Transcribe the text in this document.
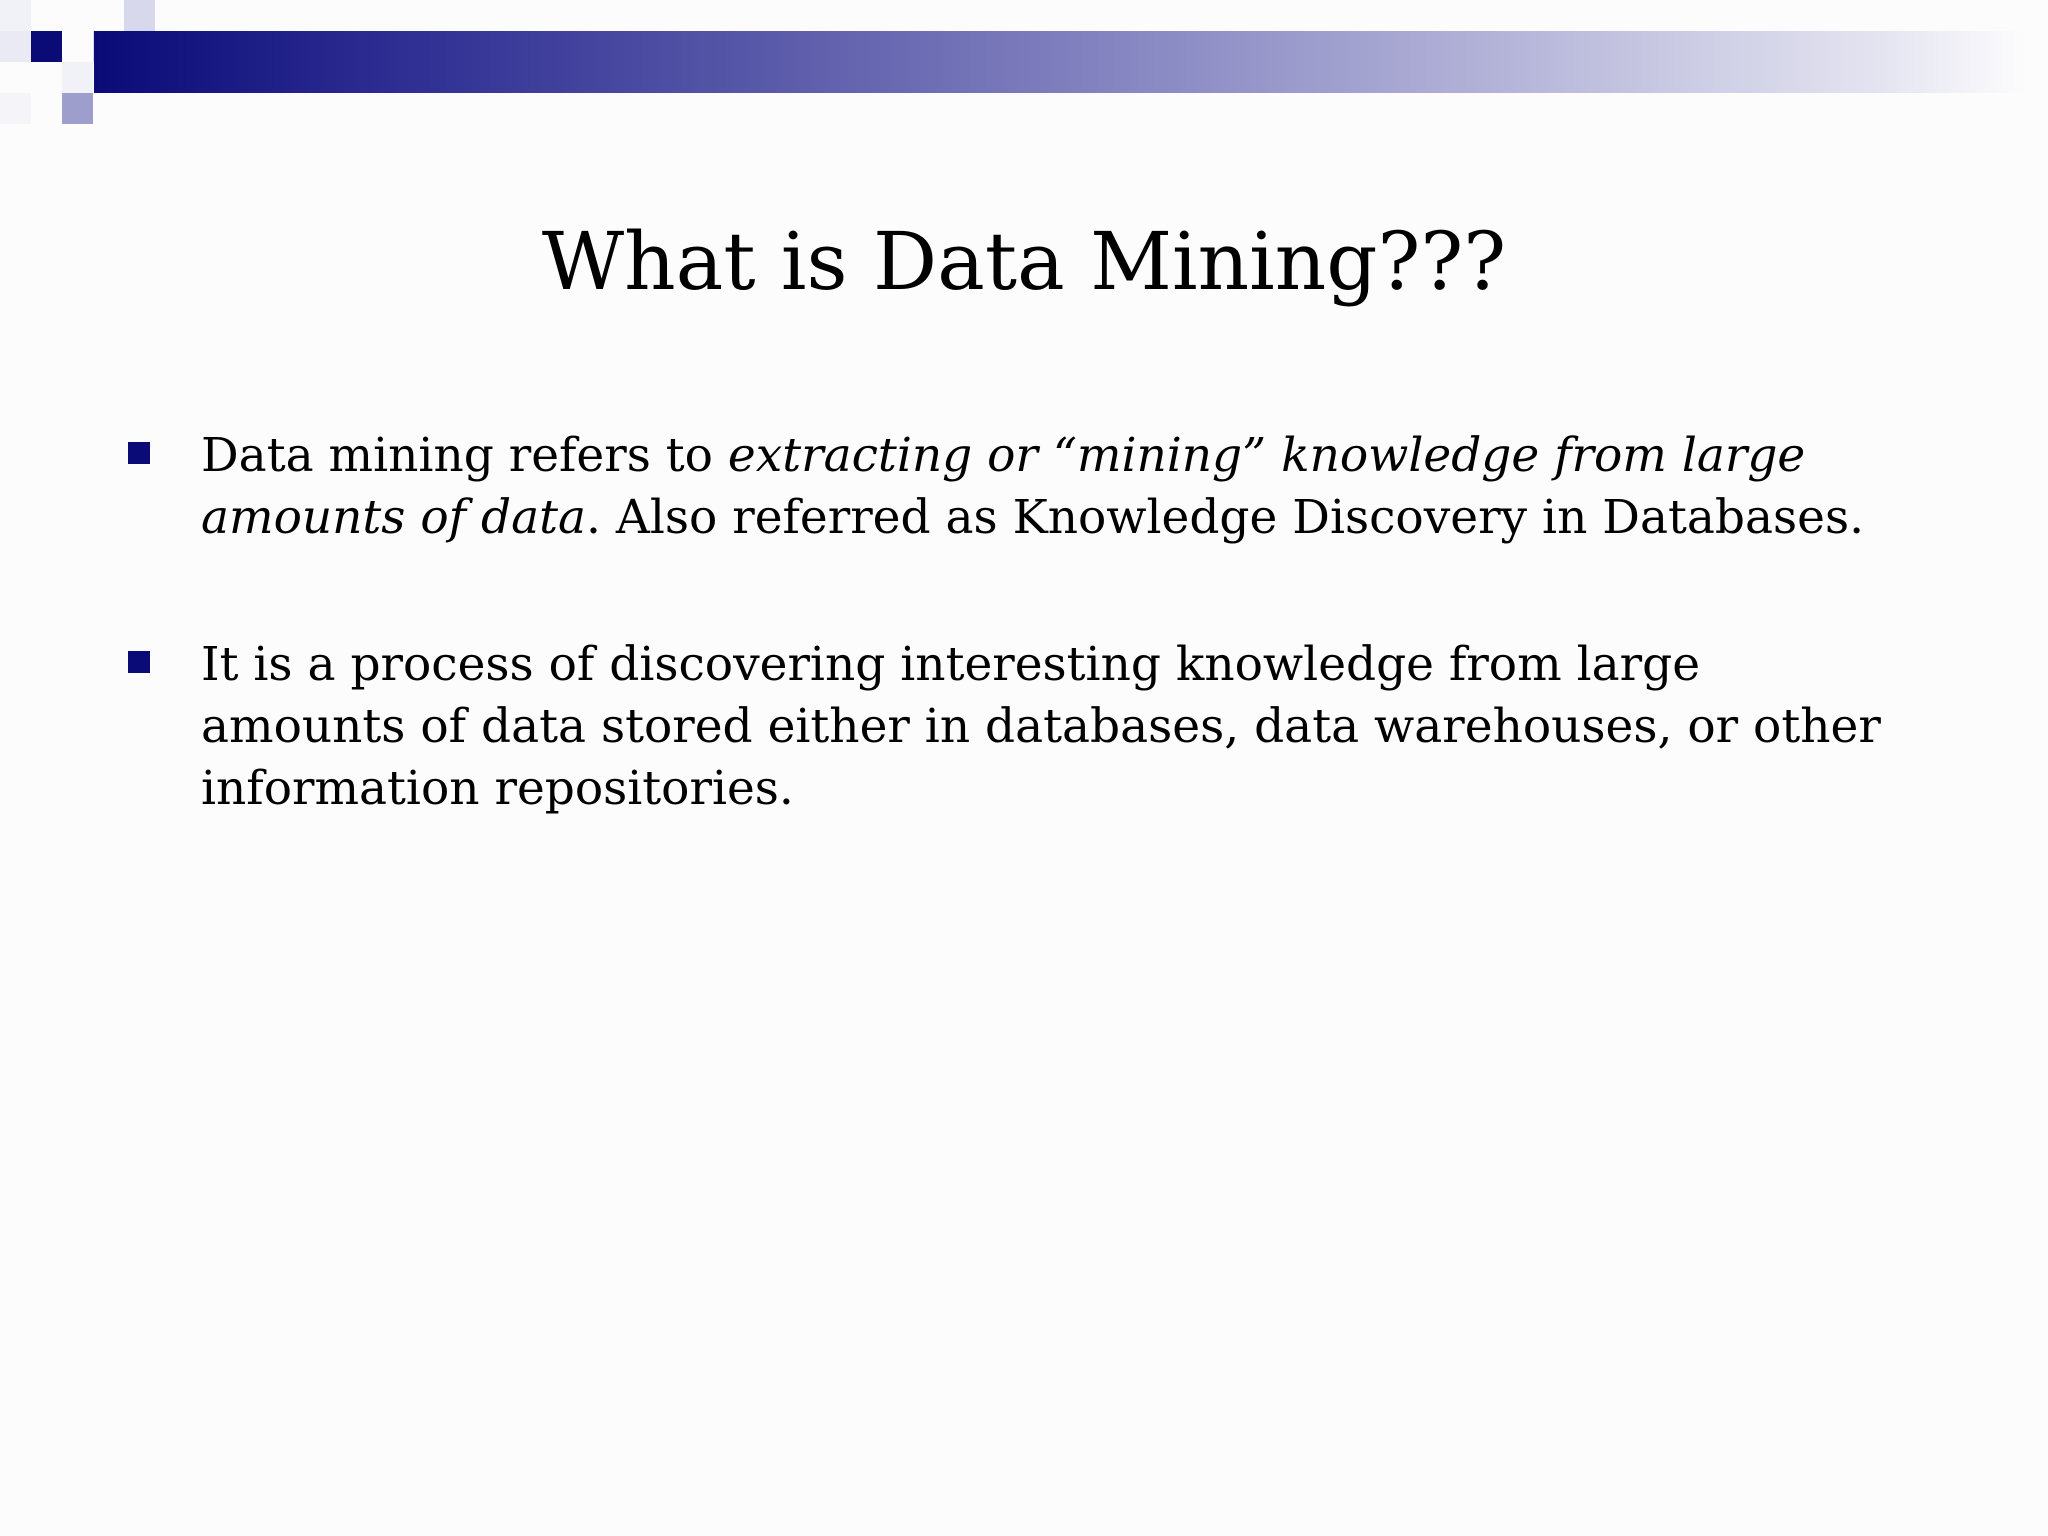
What is Data Mining???
Data mining refers to extracting or “mining” knowledge from large amounts of data. Also referred as Knowledge Discovery in Databases.
It is a process of discovering interesting knowledge from large amounts of data stored either in databases, data warehouses, or other information repositories.
